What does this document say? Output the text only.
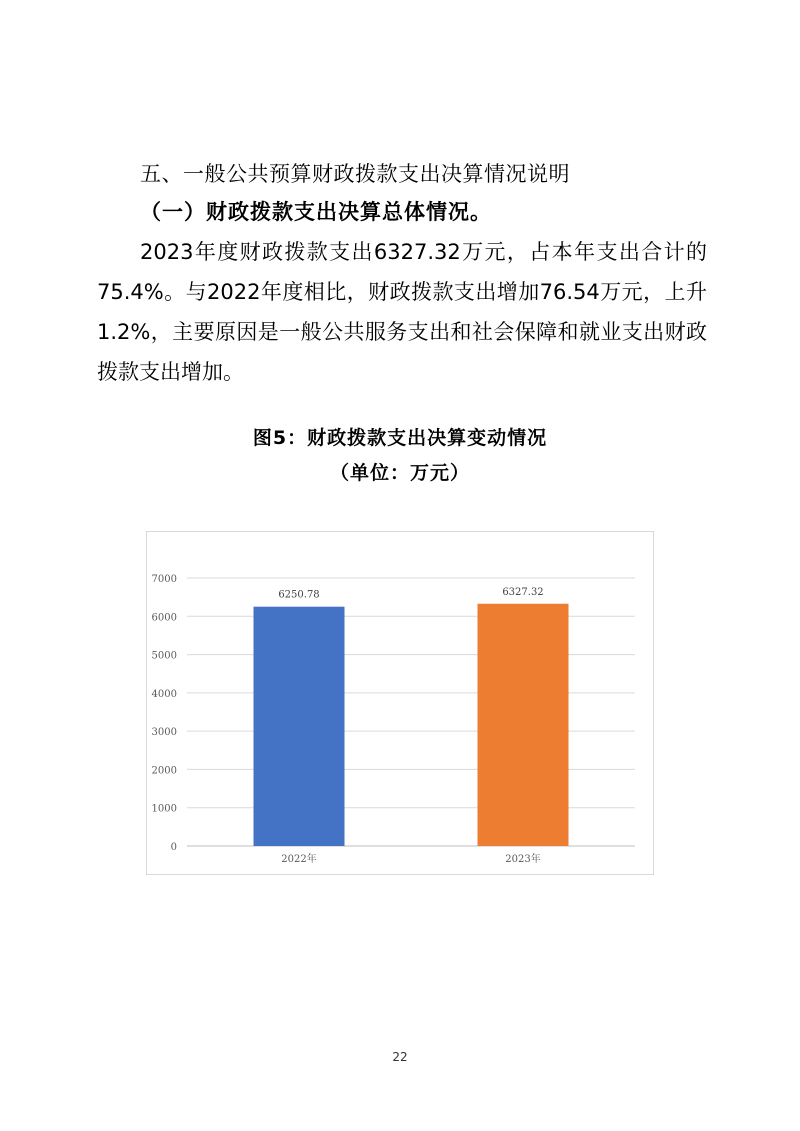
五、一般公共预算财政拨款支出决算情况说明
（一）财政拨款支出决算总体情况。

2023年度财政拨款支出6327.32万元，占本年支出合计的75.4%。与2022年度相比，财政拨款支出增加76.54万元，上升1.2%，主要原因是一般公共服务支出和社会保障和就业支出财政拨款支出增加。

图5：财政拨款支出决算变动情况
（单位：万元）
0
1000
2000
3000
4000
5000
6000
7000
6250.78
2022年
6327.32
2023年
22
